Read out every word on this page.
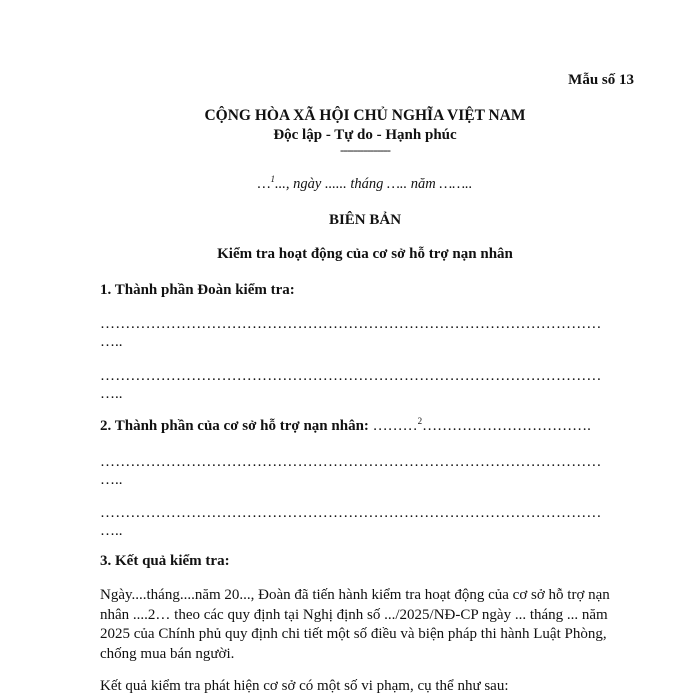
Mẫu số 13
CỘNG HÒA XÃ HỘI CHỦ NGHĨA VIỆT NAM
Độc lập - Tự do - Hạnh phúc
---------------
…$^1$..., ngày ...... tháng ….. năm ……..
BIÊN BẢN
Kiểm tra hoạt động của cơ sở hỗ trợ nạn nhân
1. Thành phần Đoàn kiểm tra:
………………………………………………………………………………………
…..
………………………………………………………………………………………
…..
2. Thành phần của cơ sở hỗ trợ nạn nhân: ………$^2$…………………………….
………………………………………………………………………………………
…..
………………………………………………………………………………………
…..
3. Kết quả kiểm tra:
Ngày....tháng....năm 20..., Đoàn đã tiến hành kiểm tra hoạt động của cơ sở hỗ trợ nạn nhân ....2… theo các quy định tại Nghị định số .../2025/NĐ-CP ngày ... tháng ... năm 2025 của Chính phủ quy định chi tiết một số điều và biện pháp thi hành Luật Phòng, chống mua bán người.
Kết quả kiểm tra phát hiện cơ sở có một số vi phạm, cụ thể như sau:
